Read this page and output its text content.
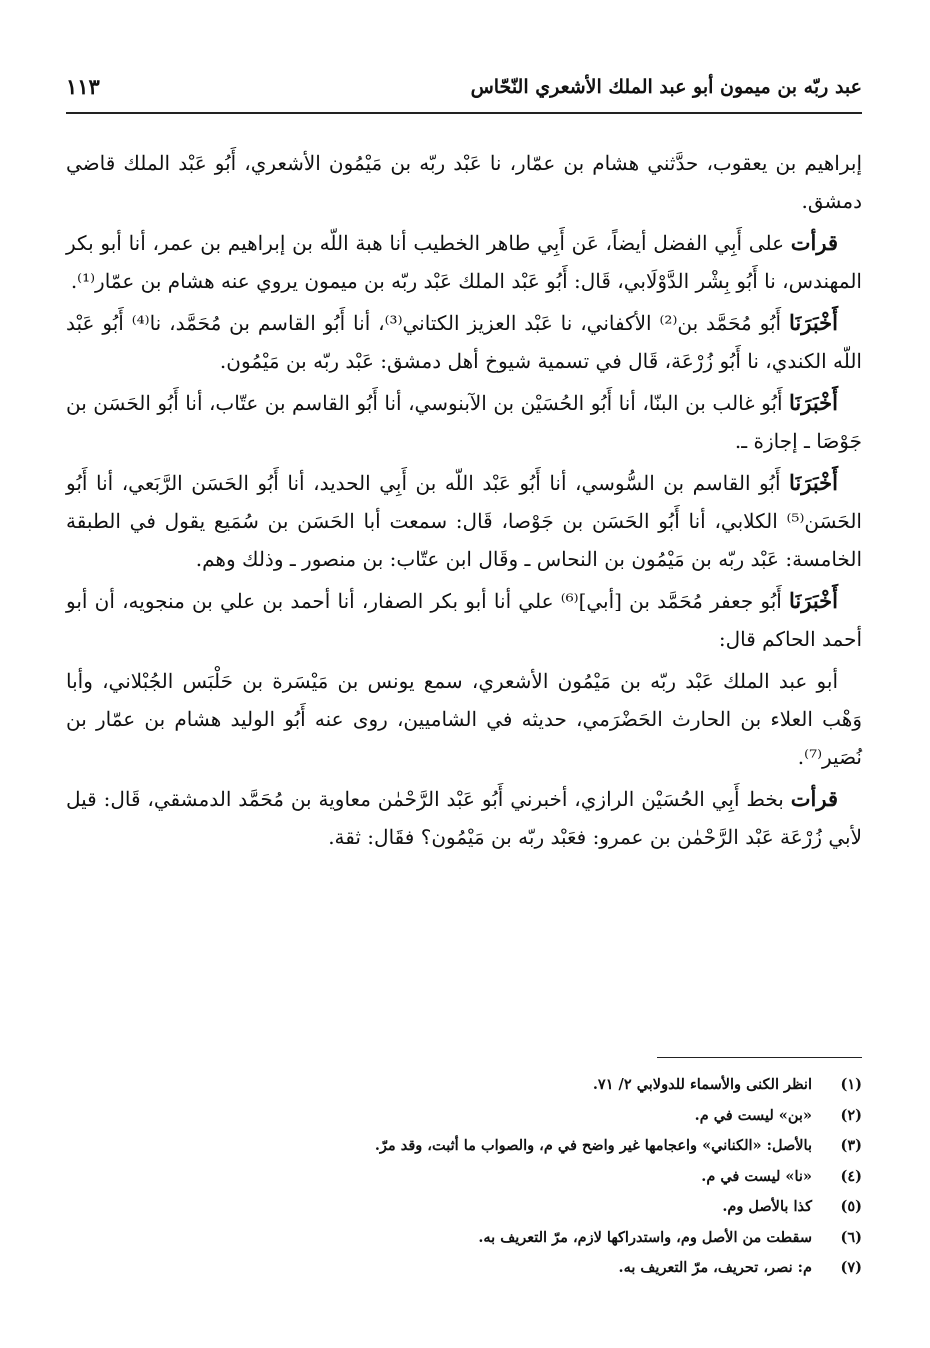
عبد ربّه بن ميمون أبو عبد الملك الأشعري النّحّاس
١١٣

إبراهيم بن يعقوب، حدَّثني هشام بن عمّار، نا عَبْد ربّه بن مَيْمُون الأشعري، أَبُو عَبْد الملك قاضي دمشق.

قرأت على أَبِي الفضل أيضاً، عَن أَبِي طاهر الخطيب أنا هبة اللّه بن إبراهيم بن عمر، أنا أبو بكر المهندس، نا أَبُو بِشْر الدَّوْلَابي، قَال: أَبُو عَبْد الملك عَبْد ربّه بن ميمون يروي عنه هشام بن عمّار⁽¹⁾.

أَخْبَرَنَا أَبُو مُحَمَّد بن⁽²⁾ الأكفاني، نا عَبْد العزيز الكتاني⁽³⁾، أنا أَبُو القاسم بن مُحَمَّد، نا⁽⁴⁾ أَبُو عَبْد اللّه الكندي، نا أَبُو زُرْعَة، قَال في تسمية شيوخ أهل دمشق: عَبْد ربّه بن مَيْمُون.

أَخْبَرَنَا أَبُو غالب بن البنّا، أنا أَبُو الحُسَيْن بن الآبنوسي، أنا أَبُو القاسم بن عتّاب، أنا أَبُو الحَسَن بن جَوْصَا ـ إجازة ـ.

أَخْبَرَنَا أَبُو القاسم بن السُّوسي، أنا أَبُو عَبْد اللّه بن أَبِي الحديد، أنا أَبُو الحَسَن الرَّبَعي، أنا أَبُو الحَسَن⁽⁵⁾ الكلابي، أنا أَبُو الحَسَن بن جَوْصا، قَال: سمعت أبا الحَسَن بن سُمَيع يقول في الطبقة الخامسة: عَبْد ربّه بن مَيْمُون بن النحاس ـ وقَال ابن عتّاب: بن منصور ـ وذلك وهم.

أَخْبَرَنَا أَبُو جعفر مُحَمَّد بن [أبي]⁽⁶⁾ علي أنا أبو بكر الصفار، أنا أحمد بن علي بن منجويه، أن أبو أحمد الحاكم قال:

أبو عبد الملك عَبْد ربّه بن مَيْمُون الأشعري، سمع يونس بن مَيْسَرة بن حَلْبَس الجُبْلاني، وأبا وَهْب العلاء بن الحارث الحَضْرَمي، حديثه في الشاميين، روى عنه أَبُو الوليد هشام بن عمّار بن نُصَير⁽⁷⁾.

قرأت بخط أَبِي الحُسَيْن الرازي، أخبرني أَبُو عَبْد الرَّحْمٰن معاوية بن مُحَمَّد الدمشقي، قَال: قيل لأبي زُرْعَة عَبْد الرَّحْمٰن بن عمرو: فعَبْد ربّه بن مَيْمُون؟ فقَال: ثقة.

(١)
انظر الكنى والأسماء للدولابي ٢/ ٧١.
(٢)
«بن» ليست في م.
(٣)
بالأصل: «الكناني» واعجامها غير واضح في م، والصواب ما أثبت، وقد مرّ.
(٤)
«نا» ليست في م.
(٥)
كذا بالأصل وم.
(٦)
سقطت من الأصل وم، واستدراكها لازم، مرّ التعريف به.
(٧)
م: نصر، تحريف، مرّ التعريف به.
